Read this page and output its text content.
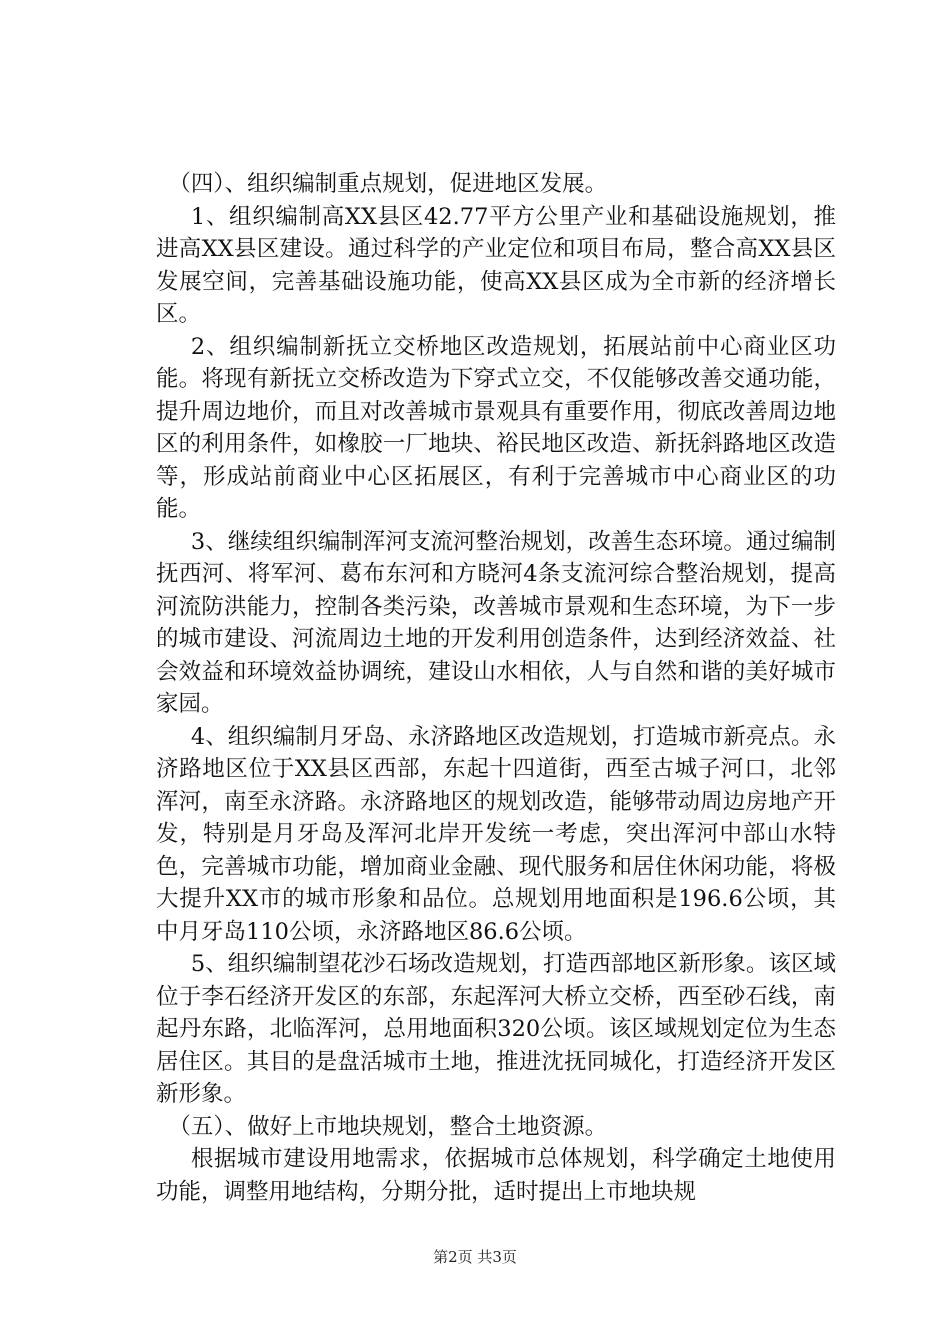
（四）、组织编制重点规划，促进地区发展。

1、组织编制高XX县区42.77平方公里产业和基础设施规划，推进高XX县区建设。通过科学的产业定位和项目布局，整合高XX县区发展空间，完善基础设施功能，使高XX县区成为全市新的经济增长区。

2、组织编制新抚立交桥地区改造规划，拓展站前中心商业区功能。将现有新抚立交桥改造为下穿式立交，不仅能够改善交通功能，提升周边地价，而且对改善城市景观具有重要作用，彻底改善周边地区的利用条件，如橡胶一厂地块、裕民地区改造、新抚斜路地区改造等，形成站前商业中心区拓展区，有利于完善城市中心商业区的功能。

3、继续组织编制浑河支流河整治规划，改善生态环境。通过编制抚西河、将军河、葛布东河和方晓河4条支流河综合整治规划，提高河流防洪能力，控制各类污染，改善城市景观和生态环境，为下一步的城市建设、河流周边土地的开发利用创造条件，达到经济效益、社会效益和环境效益协调统，建设山水相依，人与自然和谐的美好城市家园。

4、组织编制月牙岛、永济路地区改造规划，打造城市新亮点。永济路地区位于XX县区西部，东起十四道街，西至古城子河口，北邻浑河，南至永济路。永济路地区的规划改造，能够带动周边房地产开发，特别是月牙岛及浑河北岸开发统一考虑，突出浑河中部山水特色，完善城市功能，增加商业金融、现代服务和居住休闲功能，将极大提升XX市的城市形象和品位。总规划用地面积是196.6公顷，其中月牙岛110公顷，永济路地区86.6公顷。

5、组织编制望花沙石场改造规划，打造西部地区新形象。该区域位于李石经济开发区的东部，东起浑河大桥立交桥，西至砂石线，南起丹东路，北临浑河，总用地面积320公顷。该区域规划定位为生态居住区。其目的是盘活城市土地，推进沈抚同城化，打造经济开发区新形象。

（五）、做好上市地块规划，整合土地资源。

根据城市建设用地需求，依据城市总体规划，科学确定土地使用功能，调整用地结构，分期分批，适时提出上市地块规

第2页 共3页
